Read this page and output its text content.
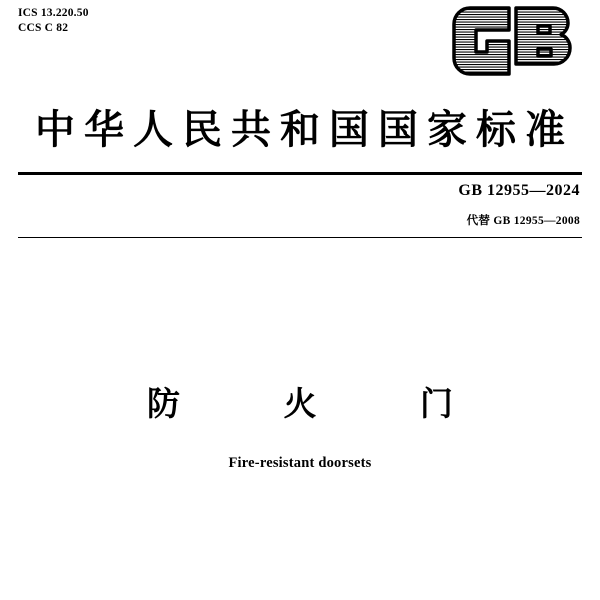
ICS 13.220.50
CCS C 82
中华人民共和国国家标准
GB 12955—2024
代替 GB 12955—2008
防 火 门
Fire-resistant doorsets
